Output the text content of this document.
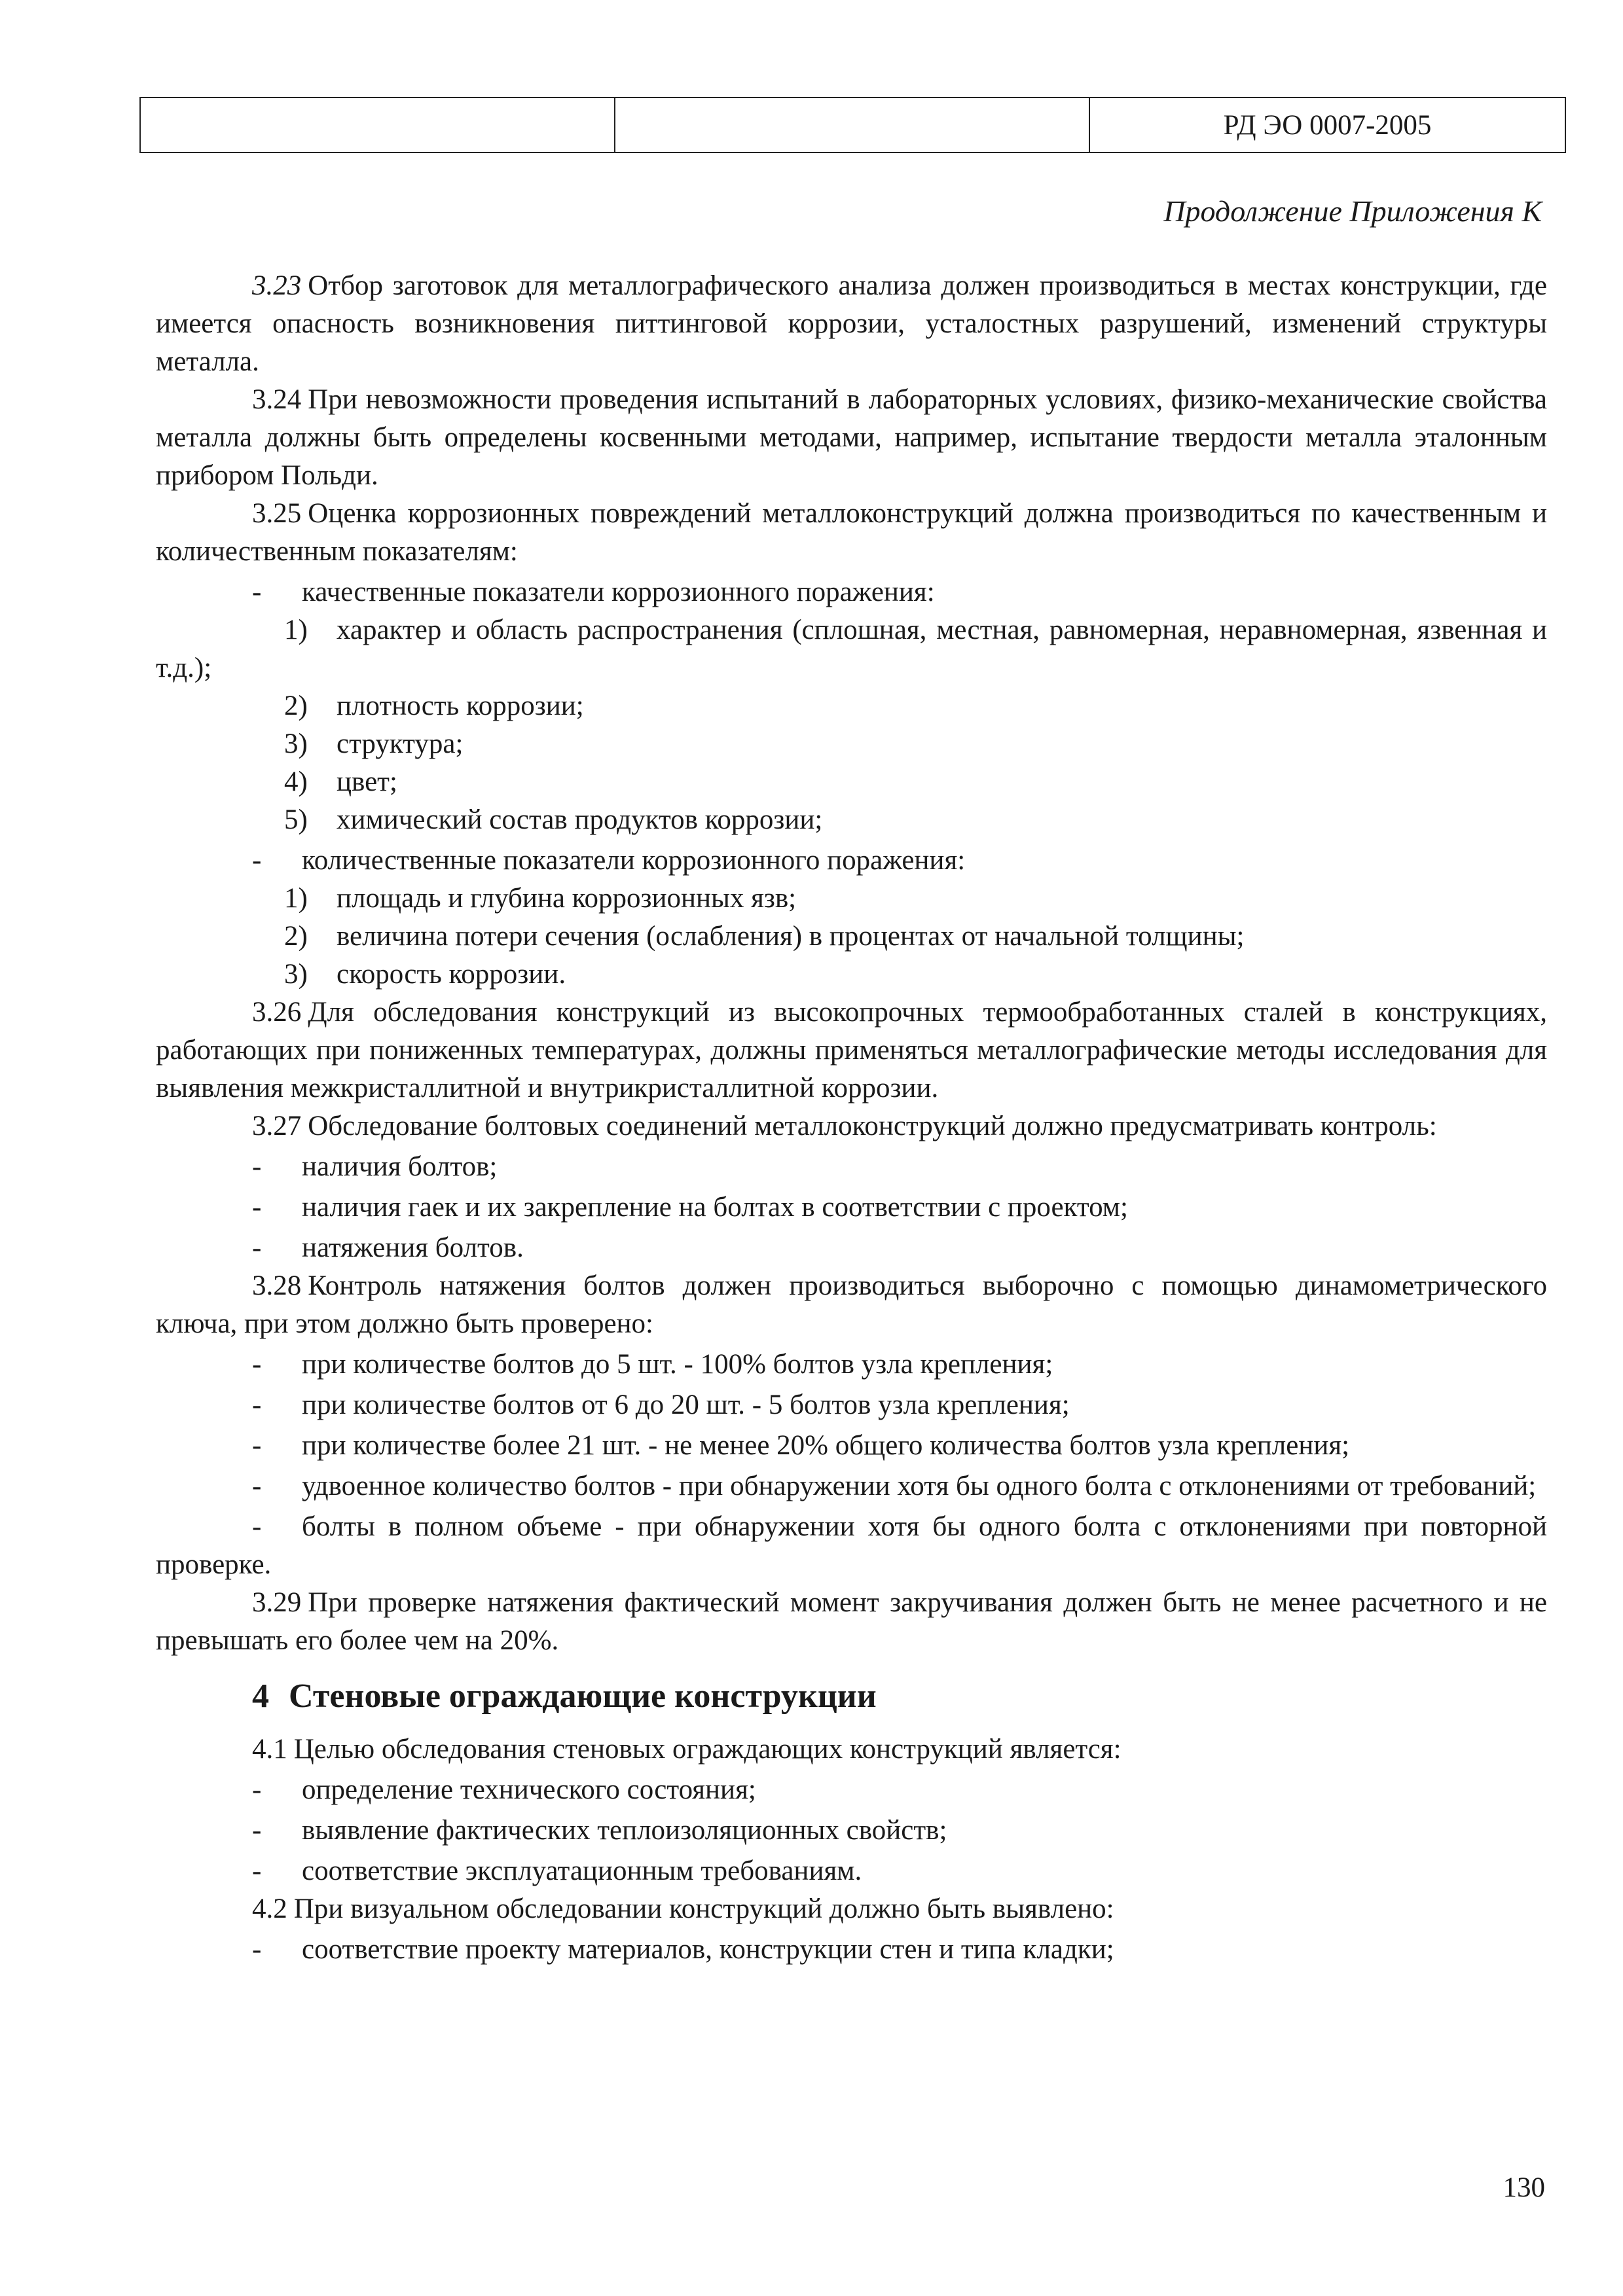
		РД ЭО 0007-2005
Продолжение Приложения К

3.23 Отбор заготовок для металлографического анализа должен производиться в местах конструкции, где имеется опасность возникновения питтинговой коррозии, усталостных разрушений, изменений структуры металла.

3.24 При невозможности проведения испытаний в лабораторных условиях, физико-механические свойства металла должны быть определены косвенными методами, например, испытание твердости металла эталонным прибором Польди.

3.25 Оценка коррозионных повреждений металлоконструкций должна производиться по качественным и количественным показателям:

- качественные показатели коррозионного поражения:

1) характер и область распространения (сплошная, местная, равномерная, неравномерная, язвенная и т.д.);

2) плотность коррозии;

3) структура;

4) цвет;

5) химический состав продуктов коррозии;

- количественные показатели коррозионного поражения:

1) площадь и глубина коррозионных язв;

2) величина потери сечения (ослабления) в процентах от начальной толщины;

3) скорость коррозии.

3.26 Для обследования конструкций из высокопрочных термообработанных сталей в конструкциях, работающих при пониженных температурах, должны применяться металлографические методы исследования для выявления межкристаллитной и внутрикристаллитной коррозии.

3.27 Обследование болтовых соединений металлоконструкций должно предусматривать контроль:

- наличия болтов;

- наличия гаек и их закрепление на болтах в соответствии с проектом;

- натяжения болтов.

3.28 Контроль натяжения болтов должен производиться выборочно с помощью динамометрического ключа, при этом должно быть проверено:

- при количестве болтов до 5 шт. - 100% болтов узла крепления;

- при количестве болтов от 6 до 20 шт. - 5 болтов узла крепления;

- при количестве более 21 шт. - не менее 20% общего количества болтов узла крепления;

- удвоенное количество болтов - при обнаружении хотя бы одного болта с отклонениями от требований;

- болты в полном объеме - при обнаружении хотя бы одного болта с отклонениями при повторной проверке.

3.29 При проверке натяжения фактический момент закручивания должен быть не менее расчетного и не превышать его более чем на 20%.

4 Стеновые ограждающие конструкции

4.1 Целью обследования стеновых ограждающих конструкций является:

- определение технического состояния;

- выявление фактических теплоизоляционных свойств;

- соответствие эксплуатационным требованиям.

4.2 При визуальном обследовании конструкций должно быть выявлено:

- соответствие проекту материалов, конструкции стен и типа кладки;

130
